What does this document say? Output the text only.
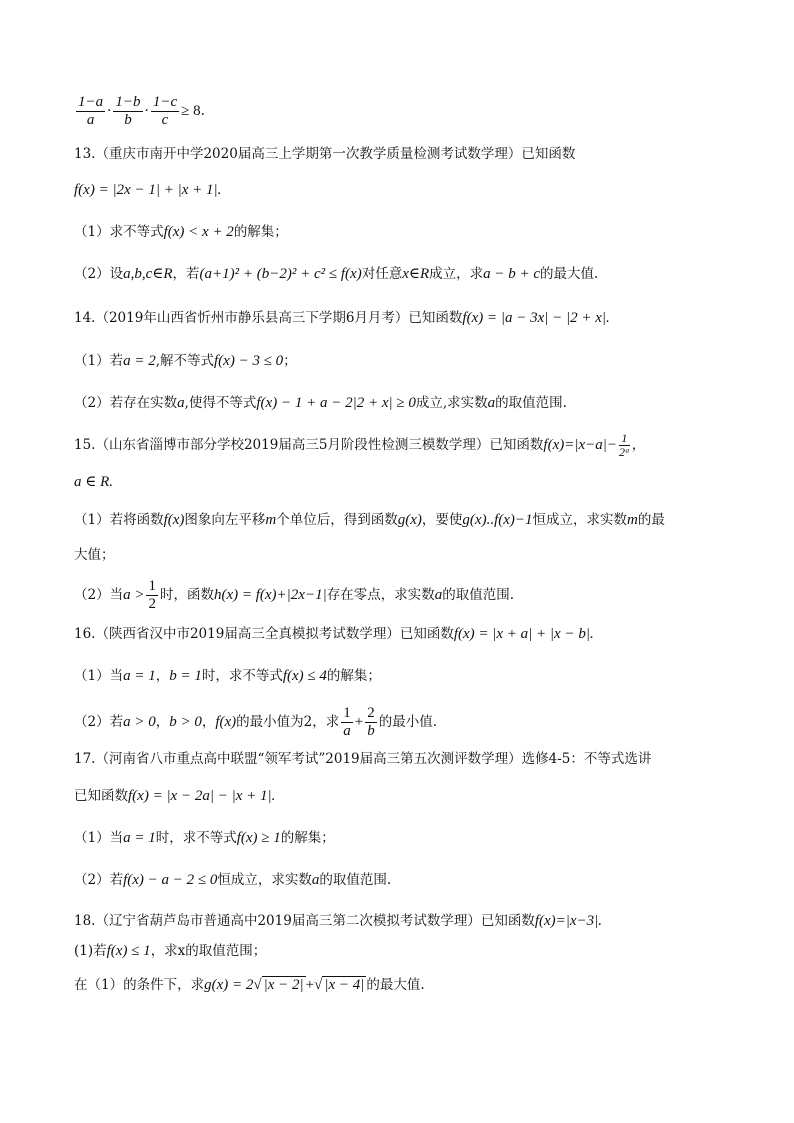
$\frac{1-a}{a} \cdot \frac{1-b}{b} \cdot \frac{1-c}{c} \ge 8$.
13.（重庆市南开中学2020届高三上学期第一次教学质量检测考试数学理）已知函数
f(x) = |2x − 1| + |x + 1|.
（1）求不等式f(x) < x + 2的解集；
（2）设a,b,c∈R，若(a+1)² + (b−2)² + c² ≤ f(x)对任意x∈R成立，求a − b + c的最大值.
14.（2019年山西省忻州市静乐县高三下学期6月月考）已知函数f(x) = |a − 3x| − |2 + x|.
（1）若a = 2,解不等式f(x) − 3 ≤ 0；
（2）若存在实数a,使得不等式f(x) − 1 + a − 2|2 + x| ≥ 0成立,求实数a的取值范围.
15.（山东省淄博市部分学校2019届高三5月阶段性检测三模数学理）已知函数$f(x)=|x-a|- \frac{1}{\text{2ᵃ}}$ ，
a ∈ R.
（1）若将函数f(x)图象向左平移m个单位后，得到函数g(x)，要使g(x)..f(x)−1恒成立，求实数m的最
大值；
（2）当$a > \frac{1}{2}$ 时，函数h(x) = f(x)+|2x−1|存在零点，求实数a的取值范围.
16.（陕西省汉中市2019届高三全真模拟考试数学理）已知函数f(x) = |x + a| + |x − b|.
（1）当a = 1，b = 1时，求不等式f(x) ≤ 4的解集；
（2）若a > 0，b > 0，f(x)的最小值为2，求 $\frac{1}{a} + \frac{2}{b}$ 的最小值.
17.（河南省八市重点高中联盟“领军考试”2019届高三第五次测评数学理）选修4-5：不等式选讲
已知函数f(x) = |x − 2a| − |x + 1|.
（1）当a = 1时，求不等式f(x) ≥ 1的解集；
（2）若f(x) − a − 2 ≤ 0恒成立，求实数a的取值范围.
18.（辽宁省葫芦岛市普通高中2019届高三第二次模拟考试数学理）已知函数f(x)=|x−3|.
(1)若f(x) ≤ 1，求x的取值范围；
在（1）的条件下，求g(x) = 2√ |x − 2| +√ |x − 4| 的最大值.
